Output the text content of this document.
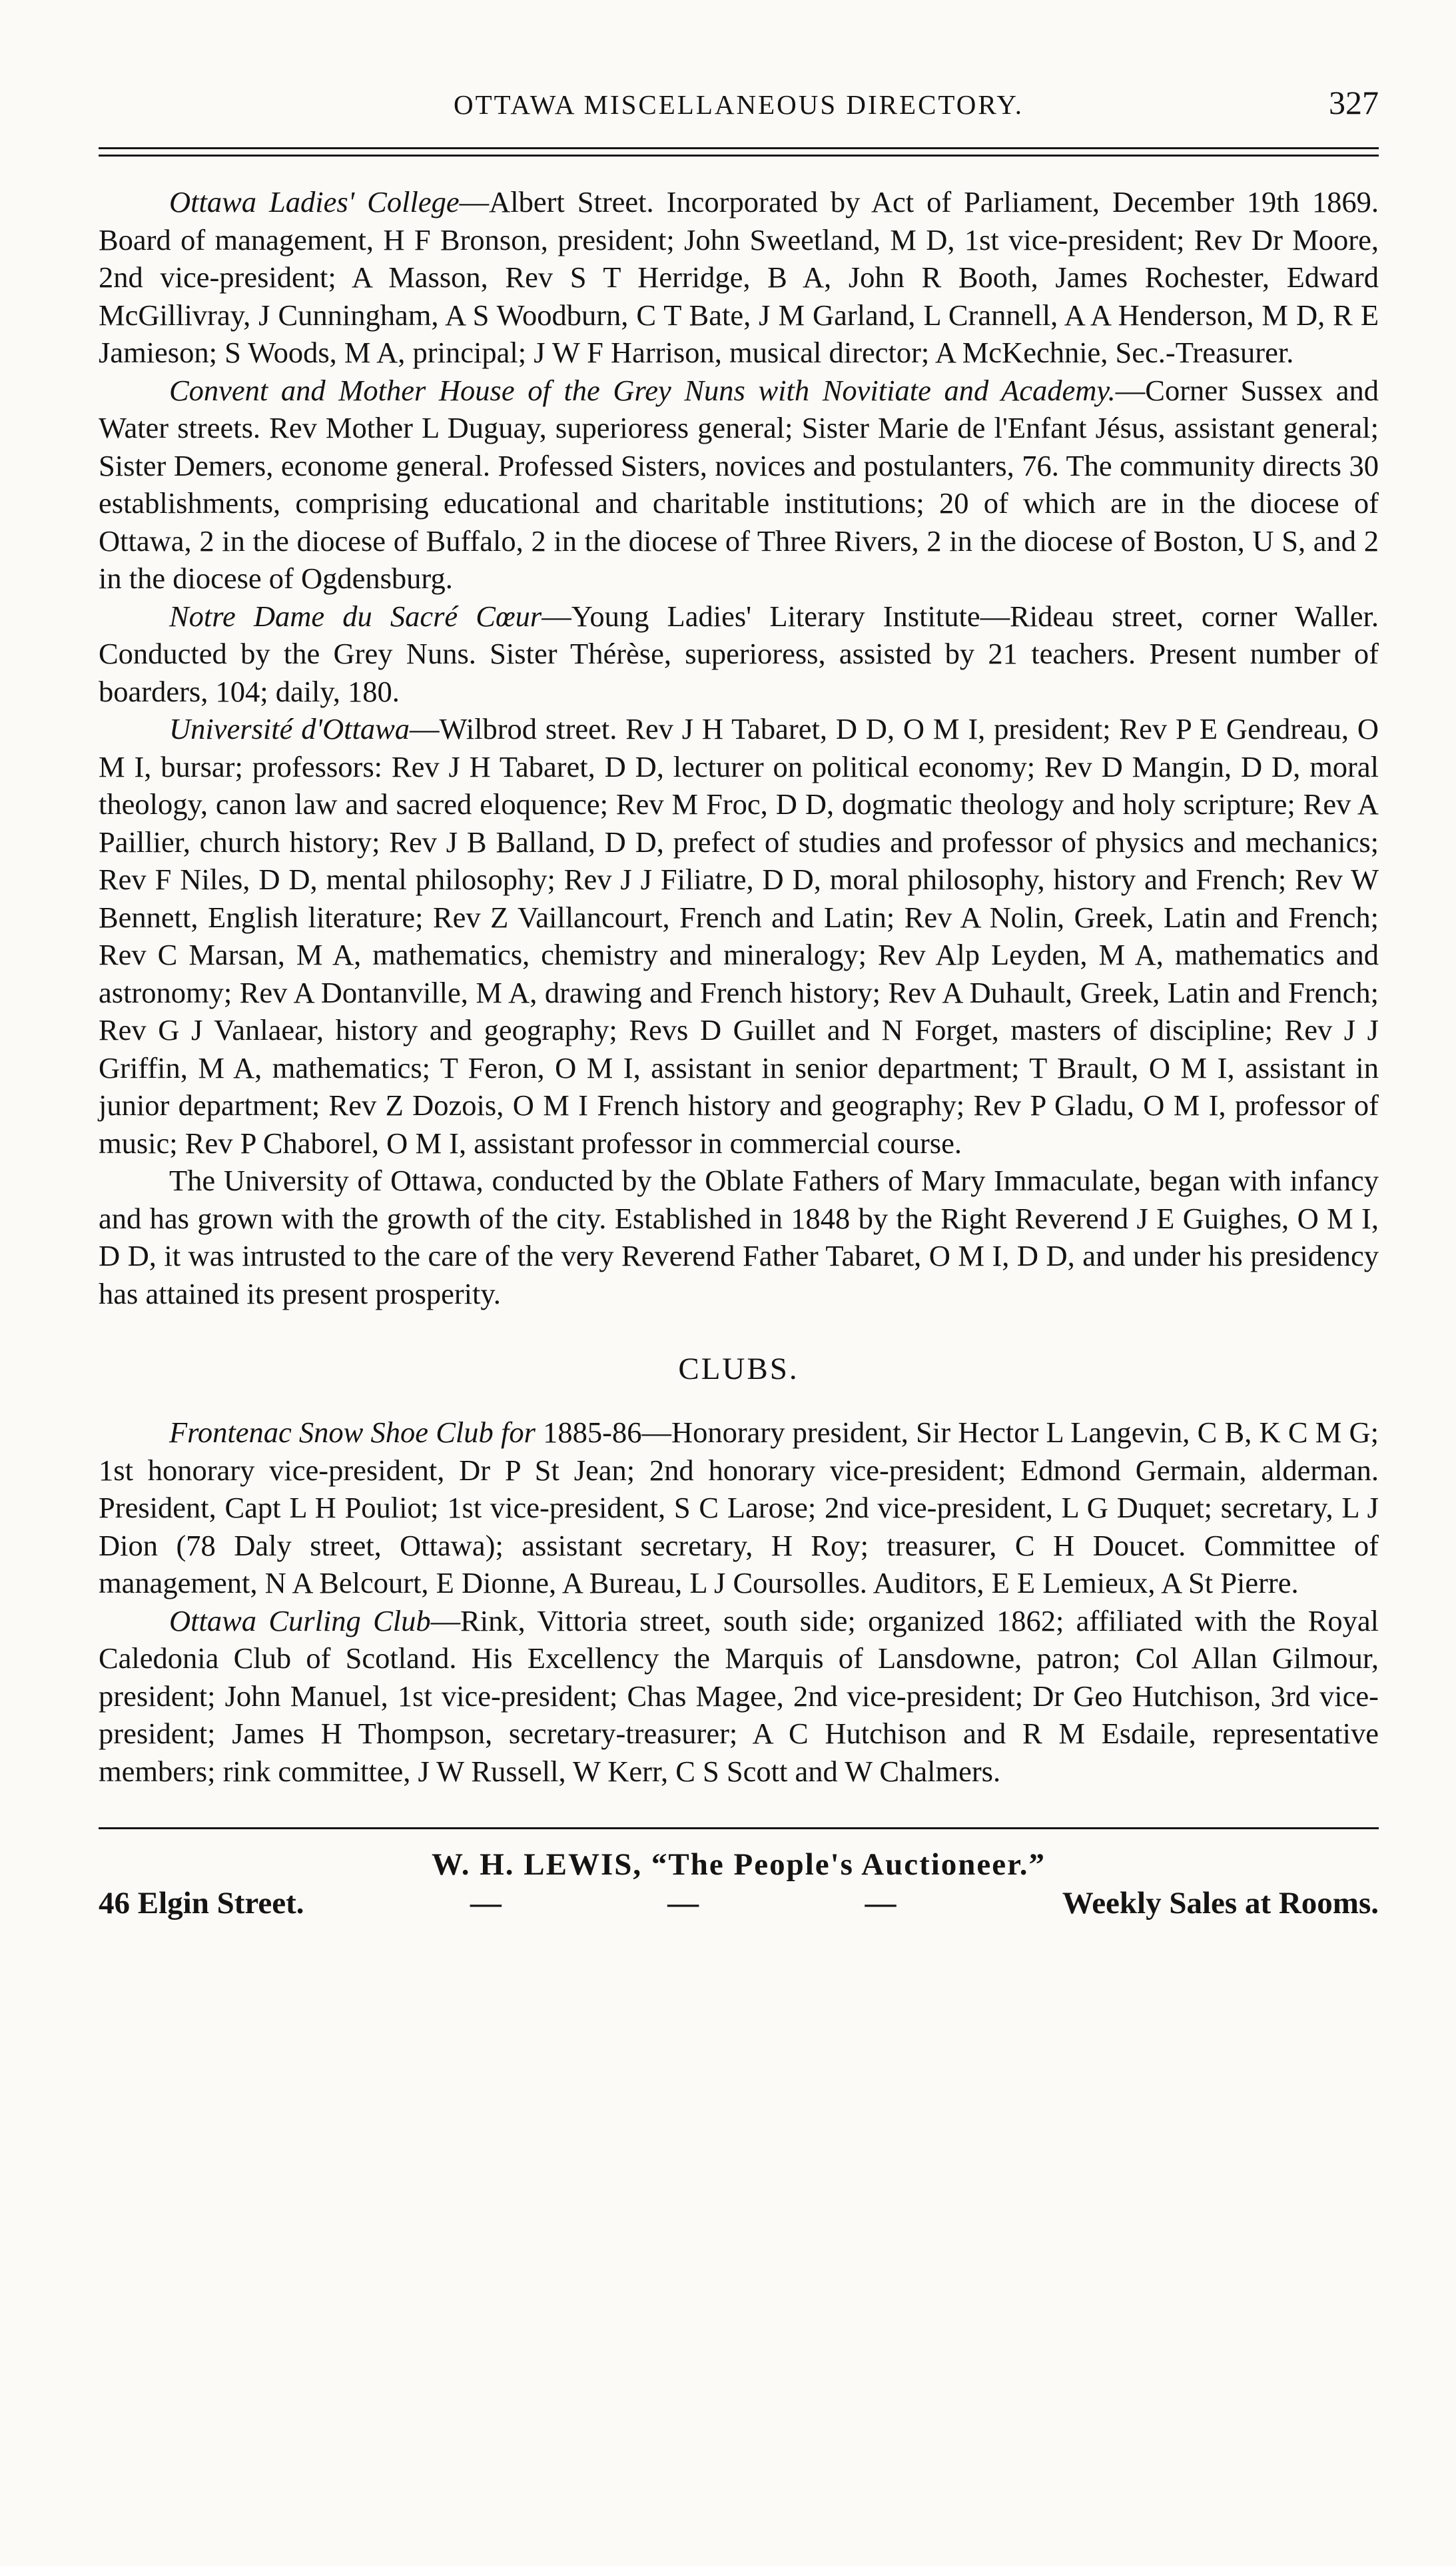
OTTAWA MISCELLANEOUS DIRECTORY.	327

Ottawa Ladies' College—Albert Street. Incorporated by Act of Parliament, December 19th 1869. Board of management, H F Bronson, president; John Sweetland, M D, 1st vice-president; Rev Dr Moore, 2nd vice-president; A Masson, Rev S T Herridge, B A, John R Booth, James Rochester, Edward McGillivray, J Cunningham, A S Woodburn, C T Bate, J M Garland, L Crannell, A A Henderson, M D, R E Jamieson; S Woods, M A, principal; J W F Harrison, musical director; A McKechnie, Sec.-Treasurer.

Convent and Mother House of the Grey Nuns with Novitiate and Academy.—Corner Sussex and Water streets. Rev Mother L Duguay, superioress general; Sister Marie de l'Enfant Jésus, assistant general; Sister Demers, econome general. Professed Sisters, novices and postulanters, 76. The community directs 30 establishments, comprising educational and charitable institutions; 20 of which are in the diocese of Ottawa, 2 in the diocese of Buffalo, 2 in the diocese of Three Rivers, 2 in the diocese of Boston, U S, and 2 in the diocese of Ogdensburg.

Notre Dame du Sacré Cœur—Young Ladies' Literary Institute—Rideau street, corner Waller. Conducted by the Grey Nuns. Sister Thérèse, superioress, assisted by 21 teachers. Present number of boarders, 104; daily, 180.

Université d'Ottawa—Wilbrod street. Rev J H Tabaret, D D, O M I, president; Rev P E Gendreau, O M I, bursar; professors: Rev J H Tabaret, D D, lecturer on political economy; Rev D Mangin, D D, moral theology, canon law and sacred eloquence; Rev M Froc, D D, dogmatic theology and holy scripture; Rev A Paillier, church history; Rev J B Balland, D D, prefect of studies and professor of physics and mechanics; Rev F Niles, D D, mental philosophy; Rev J J Filiatre, D D, moral philosophy, history and French; Rev W Bennett, English literature; Rev Z Vaillancourt, French and Latin; Rev A Nolin, Greek, Latin and French; Rev C Marsan, M A, mathematics, chemistry and mineralogy; Rev Alp Leyden, M A, mathematics and astronomy; Rev A Dontanville, M A, drawing and French history; Rev A Duhault, Greek, Latin and French; Rev G J Vanlaear, history and geography; Revs D Guillet and N Forget, masters of discipline; Rev J J Griffin, M A, mathematics; T Feron, O M I, assistant in senior department; T Brault, O M I, assistant in junior department; Rev Z Dozois, O M I French history and geography; Rev P Gladu, O M I, professor of music; Rev P Chaborel, O M I, assistant professor in commercial course.

The University of Ottawa, conducted by the Oblate Fathers of Mary Immaculate, began with infancy and has grown with the growth of the city. Established in 1848 by the Right Reverend J E Guighes, O M I, D D, it was intrusted to the care of the very Reverend Father Tabaret, O M I, D D, and under his presidency has attained its present prosperity.

CLUBS.

Frontenac Snow Shoe Club for 1885-86—Honorary president, Sir Hector L Langevin, C B, K C M G; 1st honorary vice-president, Dr P St Jean; 2nd honorary vice-president; Edmond Germain, alderman. President, Capt L H Pouliot; 1st vice-president, S C Larose; 2nd vice-president, L G Duquet; secretary, L J Dion (78 Daly street, Ottawa); assistant secretary, H Roy; treasurer, C H Doucet. Committee of management, N A Belcourt, E Dionne, A Bureau, L J Coursolles. Auditors, E E Lemieux, A St Pierre.

Ottawa Curling Club—Rink, Vittoria street, south side; organized 1862; affiliated with the Royal Caledonia Club of Scotland. His Excellency the Marquis of Lansdowne, patron; Col Allan Gilmour, president; John Manuel, 1st vice-president; Chas Magee, 2nd vice-president; Dr Geo Hutchison, 3rd vice-president; James H Thompson, secretary-treasurer; A C Hutchison and R M Esdaile, representative members; rink committee, J W Russell, W Kerr, C S Scott and W Chalmers.

W. H. LEWIS, “The People's Auctioneer.”
46 Elgin Street.	—	—	—	Weekly Sales at Rooms.
